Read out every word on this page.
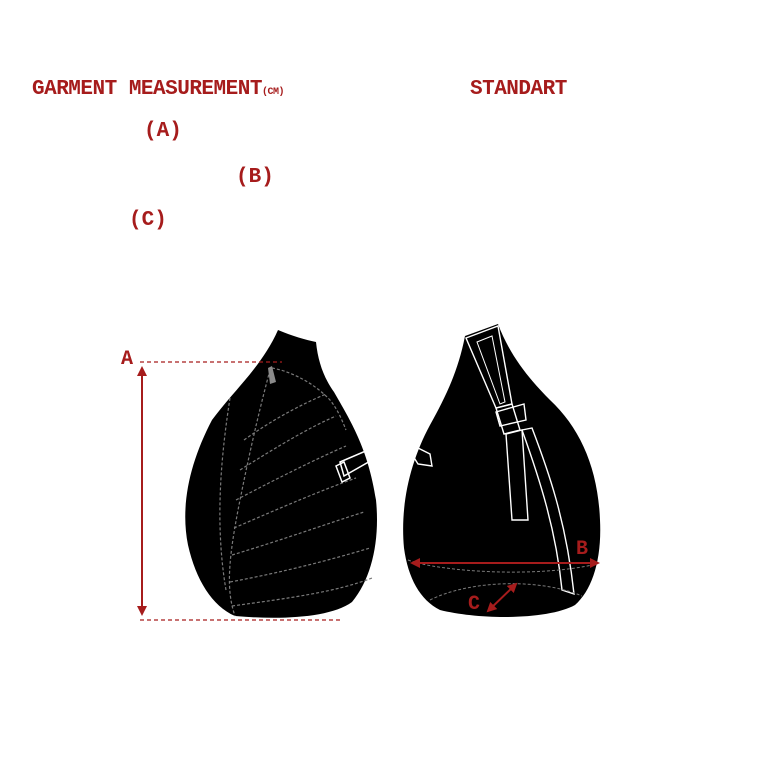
GARMENT MEASUREMENT(CM)	STANDART
(A)
(B)
(C)
A
B
C
